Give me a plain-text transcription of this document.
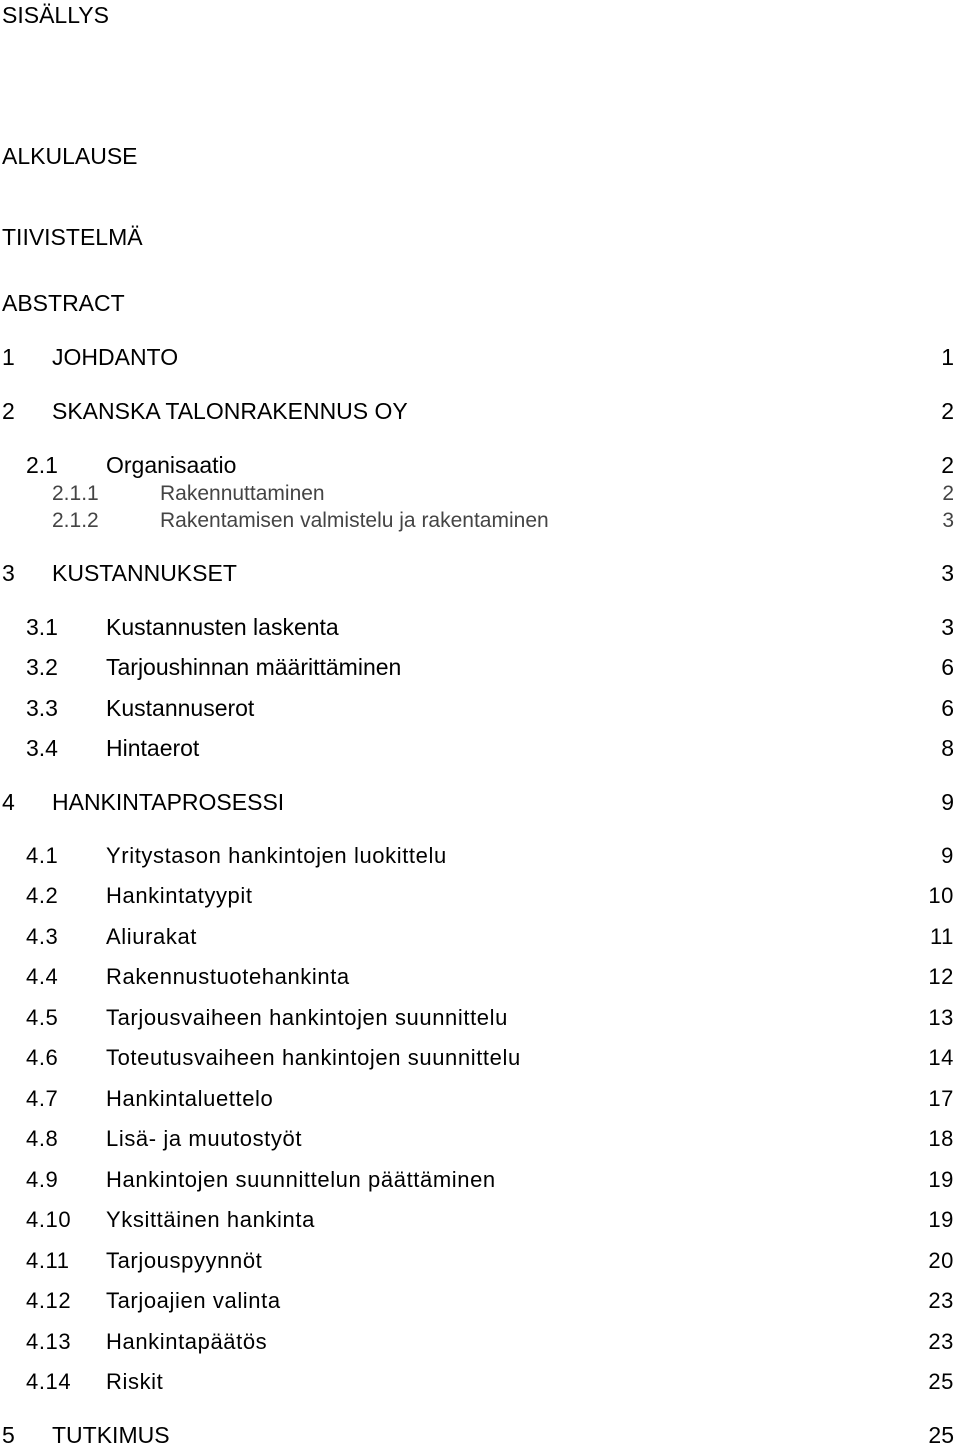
SISÄLLYS
ALKULAUSE
TIIVISTELMÄ
ABSTRACT
1 JOHDANTO	1
2 SKANSKA TALONRAKENNUS OY	2
2.1 Organisaatio	2
2.1.1	Rakennuttaminen	2
2.1.2	Rakentamisen valmistelu ja rakentaminen	3
3 KUSTANNUKSET	3
3.1 Kustannusten laskenta	3
3.2 Tarjoushinnan määrittäminen	6
3.3 Kustannuserot	6
3.4 Hintaerot	8
4 HANKINTAPROSESSI	9
4.1 Yritystason hankintojen luokittelu	9
4.2 Hankintatyypit	10
4.3 Aliurakat	11
4.4 Rakennustuotehankinta	12
4.5 Tarjousvaiheen hankintojen suunnittelu	13
4.6 Toteutusvaiheen hankintojen suunnittelu	14
4.7 Hankintaluettelo	17
4.8 Lisä- ja muutostyöt	18
4.9 Hankintojen suunnittelun päättäminen	19
4.10 Yksittäinen hankinta	19
4.11 Tarjouspyynnöt	20
4.12 Tarjoajien valinta	23
4.13 Hankintapäätös	23
4.14 Riskit	25
5 TUTKIMUS	25
